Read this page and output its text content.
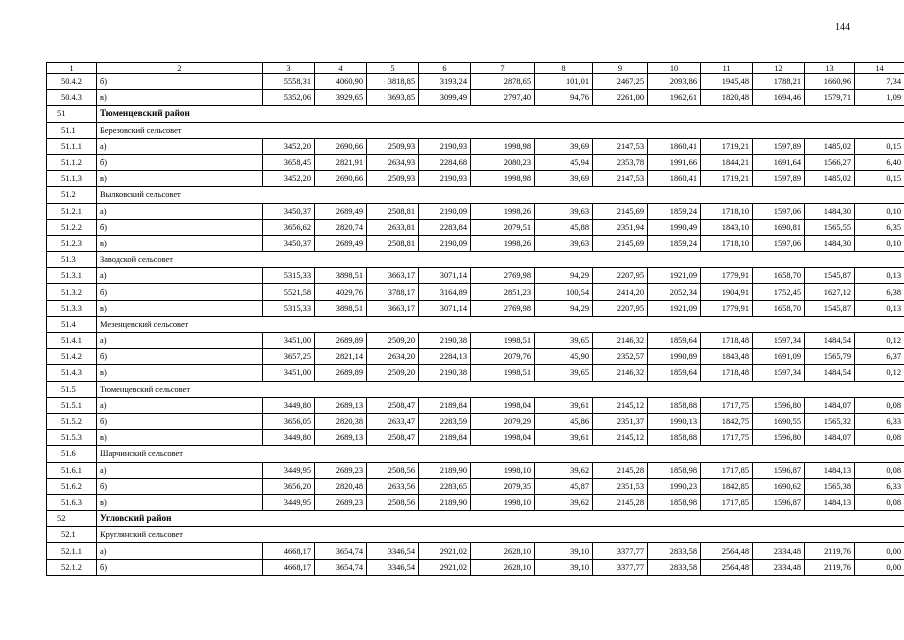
144
1	2	3	4	5	6	7	8	9	10	11	12	13	14
50.4.2	б)	5558,31	4060,90	3818,85	3193,24	2878,65	101,01	2467,25	2093,86	1945,48	1788,21	1660,96	7,34
50.4.3	в)	5352,06	3929,65	3693,85	3099,49	2797,40	94,76	2261,00	1962,61	1820,48	1694,46	1579,71	1,09
51	Тюменцевский район												
51.1	Березовский сельсовет												
51.1.1	а)	3452,20	2690,66	2509,93	2190,93	1998,98	39,69	2147,53	1860,41	1719,21	1597,89	1485,02	0,15
51.1.2	б)	3658,45	2821,91	2634,93	2284,68	2080,23	45,94	2353,78	1991,66	1844,21	1691,64	1566,27	6,40
51.1.3	в)	3452,20	2690,66	2509,93	2190,93	1998,98	39,69	2147,53	1860,41	1719,21	1597,89	1485,02	0,15
51.2	Вылковский сельсовет												
51.2.1	а)	3450,37	2689,49	2508,81	2190,09	1998,26	39,63	2145,69	1859,24	1718,10	1597,06	1484,30	0,10
51.2.2	б)	3656,62	2820,74	2633,81	2283,84	2079,51	45,88	2351,94	1990,49	1843,10	1690,81	1565,55	6,35
51.2.3	в)	3450,37	2689,49	2508,81	2190,09	1998,26	39,63	2145,69	1859,24	1718,10	1597,06	1484,30	0,10
51.3	Заводской сельсовет												
51.3.1	а)	5315,33	3898,51	3663,17	3071,14	2769,98	94,29	2207,95	1921,09	1779,91	1658,70	1545,87	0,13
51.3.2	б)	5521,58	4029,76	3788,17	3164,89	2851,23	100,54	2414,20	2052,34	1904,91	1752,45	1627,12	6,38
51.3.3	в)	5315,33	3898,51	3663,17	3071,14	2769,98	94,29	2207,95	1921,09	1779,91	1658,70	1545,87	0,13
51.4	Мезенцевский сельсовет												
51.4.1	а)	3451,00	2689,89	2509,20	2190,38	1998,51	39,65	2146,32	1859,64	1718,48	1597,34	1484,54	0,12
51.4.2	б)	3657,25	2821,14	2634,20	2284,13	2079,76	45,90	2352,57	1990,89	1843,48	1691,09	1565,79	6,37
51.4.3	в)	3451,00	2689,89	2509,20	2190,38	1998,51	39,65	2146,32	1859,64	1718,48	1597,34	1484,54	0,12
51.5	Тюменцевский сельсовет												
51.5.1	а)	3449,80	2689,13	2508,47	2189,84	1998,04	39,61	2145,12	1858,88	1717,75	1596,80	1484,07	0,08
51.5.2	б)	3656,05	2820,38	2633,47	2283,59	2079,29	45,86	2351,37	1990,13	1842,75	1690,55	1565,32	6,33
51.5.3	в)	3449,80	2689,13	2508,47	2189,84	1998,04	39,61	2145,12	1858,88	1717,75	1596,80	1484,07	0,08
51.6	Шарчинский сельсовет												
51.6.1	а)	3449,95	2689,23	2508,56	2189,90	1998,10	39,62	2145,28	1858,98	1717,85	1596,87	1484,13	0,08
51.6.2	б)	3656,20	2820,48	2633,56	2283,65	2079,35	45,87	2351,53	1990,23	1842,85	1690,62	1565,38	6,33
51.6.3	в)	3449,95	2689,23	2508,56	2189,90	1998,10	39,62	2145,28	1858,98	1717,85	1596,87	1484,13	0,08
52	Угловский район												
52.1	Круглянский сельсовет												
52.1.1	а)	4668,17	3654,74	3346,54	2921,02	2628,10	39,10	3377,77	2833,58	2564,48	2334,48	2119,76	0,00
52.1.2	б)	4668,17	3654,74	3346,54	2921,02	2628,10	39,10	3377,77	2833,58	2564,48	2334,48	2119,76	0,00
